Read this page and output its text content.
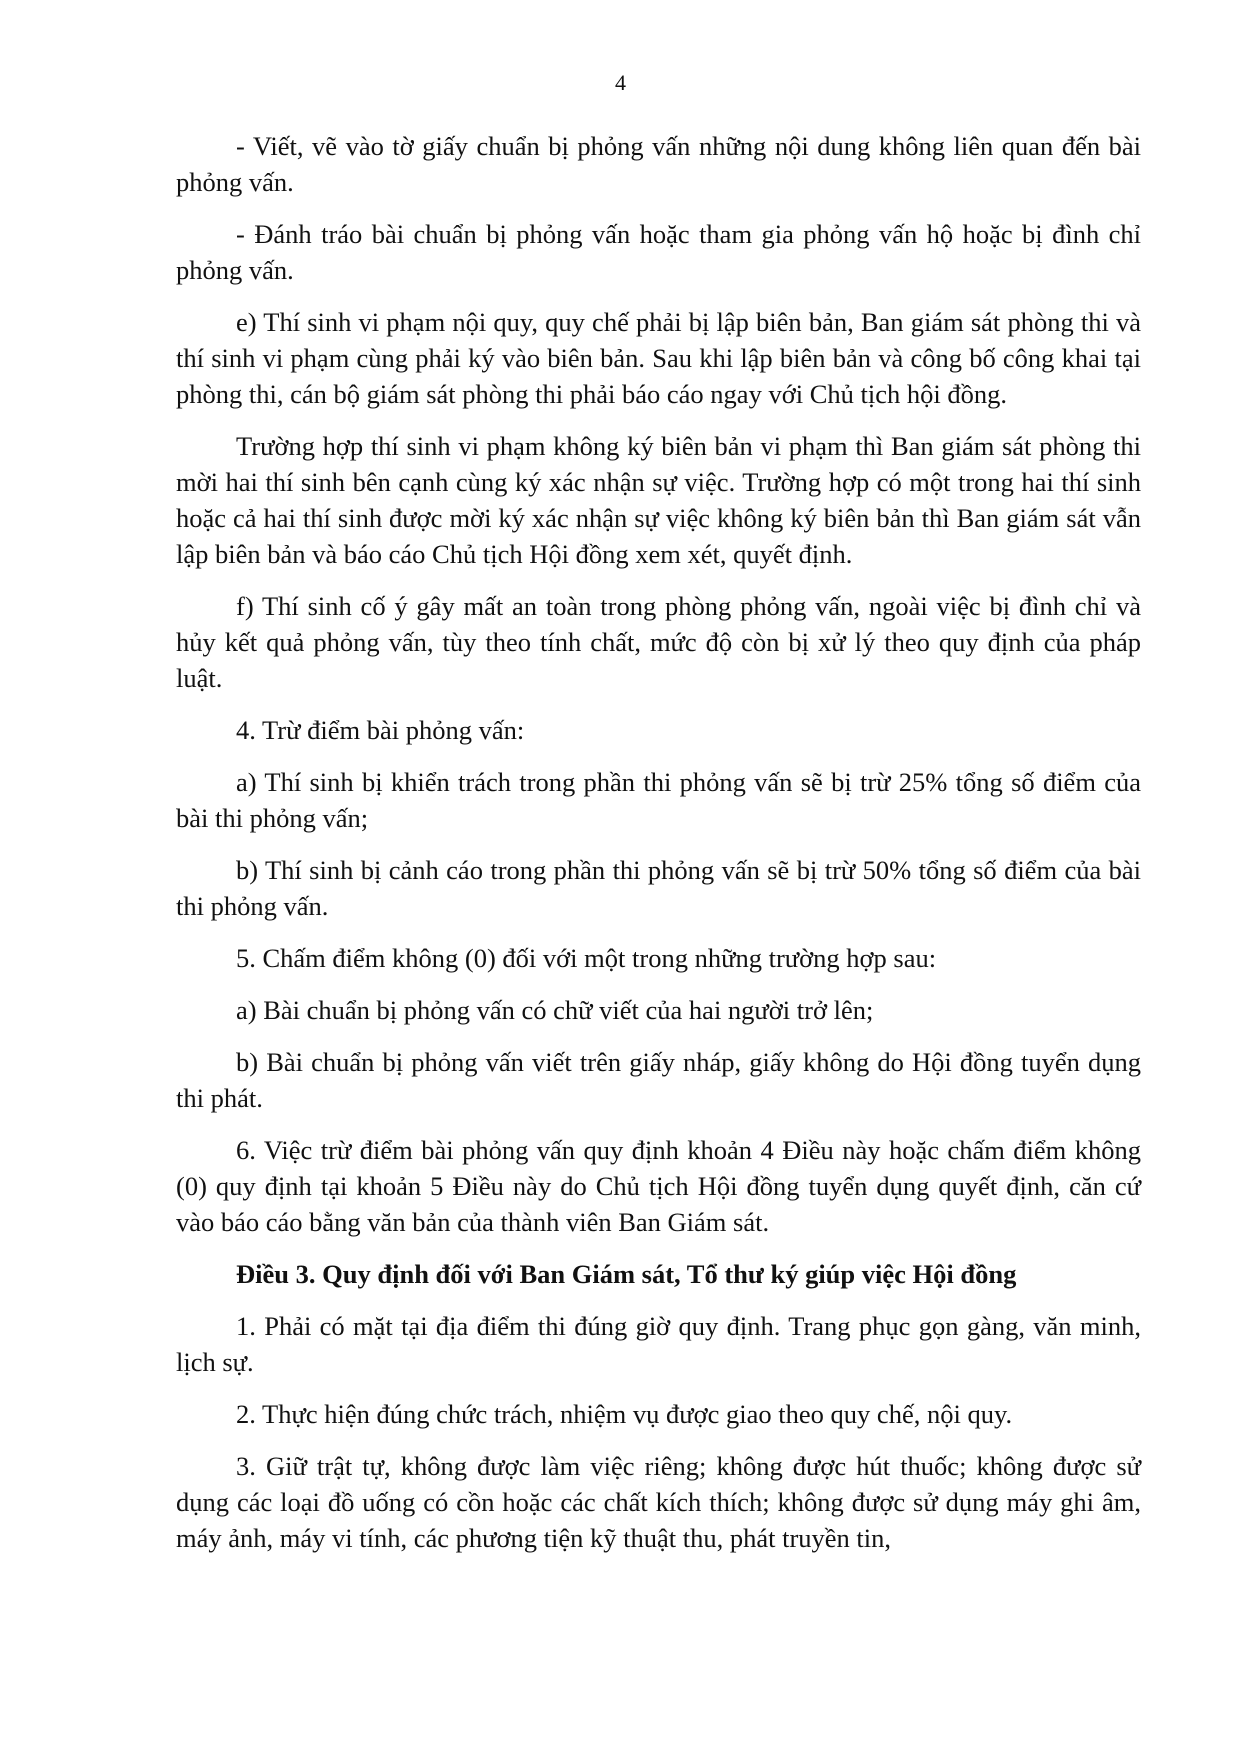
4

- Viết, vẽ vào tờ giấy chuẩn bị phỏng vấn những nội dung không liên quan đến bài phỏng vấn.

- Đánh tráo bài chuẩn bị phỏng vấn hoặc tham gia phỏng vấn hộ hoặc bị đình chỉ phỏng vấn.

e) Thí sinh vi phạm nội quy, quy chế phải bị lập biên bản, Ban giám sát phòng thi và thí sinh vi phạm cùng phải ký vào biên bản. Sau khi lập biên bản và công bố công khai tại phòng thi, cán bộ giám sát phòng thi phải báo cáo ngay với Chủ tịch hội đồng.

Trường hợp thí sinh vi phạm không ký biên bản vi phạm thì Ban giám sát phòng thi mời hai thí sinh bên cạnh cùng ký xác nhận sự việc. Trường hợp có một trong hai thí sinh hoặc cả hai thí sinh được mời ký xác nhận sự việc không ký biên bản thì Ban giám sát vẫn lập biên bản và báo cáo Chủ tịch Hội đồng xem xét, quyết định.

f) Thí sinh cố ý gây mất an toàn trong phòng phỏng vấn, ngoài việc bị đình chỉ và hủy kết quả phỏng vấn, tùy theo tính chất, mức độ còn bị xử lý theo quy định của pháp luật.

4. Trừ điểm bài phỏng vấn:

a) Thí sinh bị khiển trách trong phần thi phỏng vấn sẽ bị trừ 25% tổng số điểm của bài thi phỏng vấn;

b) Thí sinh bị cảnh cáo trong phần thi phỏng vấn sẽ bị trừ 50% tổng số điểm của bài thi phỏng vấn.

5. Chấm điểm không (0) đối với một trong những trường hợp sau:

a) Bài chuẩn bị phỏng vấn có chữ viết của hai người trở lên;

b) Bài chuẩn bị phỏng vấn viết trên giấy nháp, giấy không do Hội đồng tuyển dụng thi phát.

6. Việc trừ điểm bài phỏng vấn quy định khoản 4 Điều này hoặc chấm điểm không (0) quy định tại khoản 5 Điều này do Chủ tịch Hội đồng tuyển dụng quyết định, căn cứ vào báo cáo bằng văn bản của thành viên Ban Giám sát.

Điều 3. Quy định đối với Ban Giám sát, Tổ thư ký giúp việc Hội đồng

1. Phải có mặt tại địa điểm thi đúng giờ quy định. Trang phục gọn gàng, văn minh, lịch sự.

2. Thực hiện đúng chức trách, nhiệm vụ được giao theo quy chế, nội quy.

3. Giữ trật tự, không được làm việc riêng; không được hút thuốc; không được sử dụng các loại đồ uống có cồn hoặc các chất kích thích; không được sử dụng máy ghi âm, máy ảnh, máy vi tính, các phương tiện kỹ thuật thu, phát truyền tin,
